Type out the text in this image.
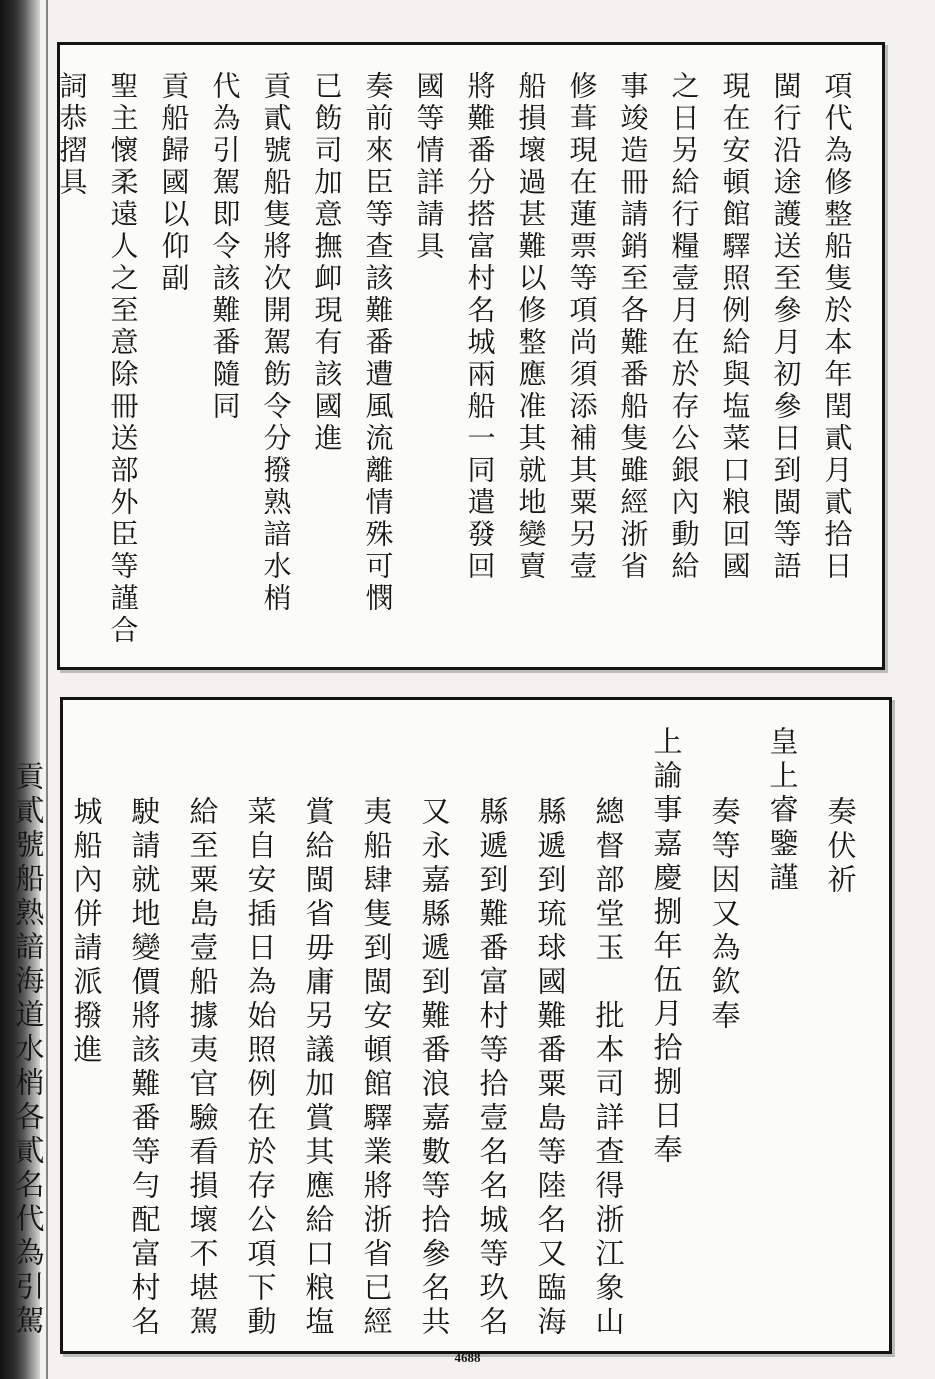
項代為修整船隻於本年閏貳月貳拾日
閩行沿途護送至參月初參日到閩等語
現在安頓館驛照例給與塩菜口粮回國
之日另給行糧壹月在於存公銀內動給
事竣造冊請銷至各難番船隻雖經浙省
修葺現在蓮票等項尚須添補其粟另壹
船損壞過甚難以修整應准其就地變賣
將難番分搭富村名城兩船一同遣發回
國等情詳請具
奏前來臣等查該難番遭風流離情殊可憫
已飭司加意撫卹現有該國進
貢貳號船隻將次開駕飭令分撥熟諳水梢
代為引駕即令該難番隨同
貢船歸國以仰副
聖主懷柔遠人之至意除冊送部外臣等謹合
詞恭摺具
奏伏祈
皇上睿鑒謹
奏等因又為欽奉
上諭事嘉慶捌年伍月拾捌日奉
總督部堂玉　批本司詳查得浙江象山
縣遞到琉球國難番粟島等陸名又臨海
縣遞到難番富村等拾壹名名城等玖名
又永嘉縣遞到難番浪嘉數等拾參名共
夷船肆隻到閩安頓館驛業將浙省已經
賞給閩省毋庸另議加賞其應給口粮塩
菜自安插日為始照例在於存公項下動
給至粟島壹船據夷官驗看損壞不堪駕
駛請就地變價將該難番等勻配富村名
城船內併請派撥進
貢貳號船熟諳海道水梢各貳名代為引駕
4688
